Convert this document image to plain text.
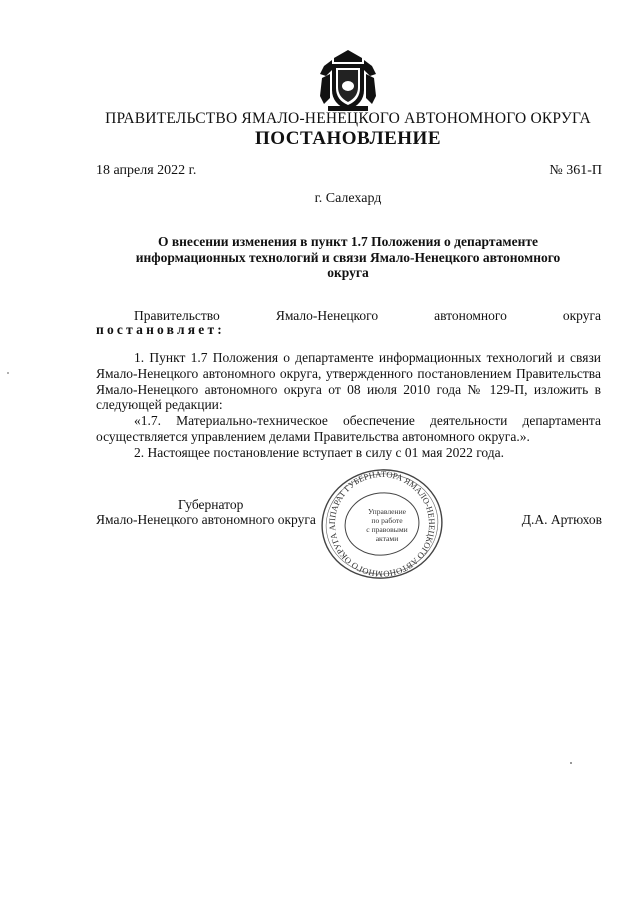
ПРАВИТЕЛЬСТВО ЯМАЛО-НЕНЕЦКОГО АВТОНОМНОГО ОКРУГА
ПОСТАНОВЛЕНИЕ
18 апреля 2022 г.	№ 361-П
г. Салехард
О внесении изменения в пункт 1.7 Положения о департаменте информационных технологий и связи Ямало-Ненецкого автономного округа
Правительство	Ямало-Ненецкого	автономного	округа
постановляет:

1. Пункт 1.7 Положения о департаменте информационных технологий и связи Ямало-Ненецкого автономного округа, утвержденного постановлением Правительства Ямало-Ненецкого автономного округа от 08 июля 2010 года № 129-П, изложить в следующей редакции:

«1.7. Материально-техническое обеспечение деятельности департамента осуществляется управлением делами Правительства автономного округа.».

2. Настоящее постановление вступает в силу с 01 мая 2022 года.

Губернатор
Ямало-Ненецкого автономного округа	Д.А. Артюхов
АППАРАТ ГУБЕРНАТОРА ЯМАЛО-НЕНЕЦКОГО АВТОНОМНОГО ОКРУГА
Управление
по работе
с правовыми
актами
